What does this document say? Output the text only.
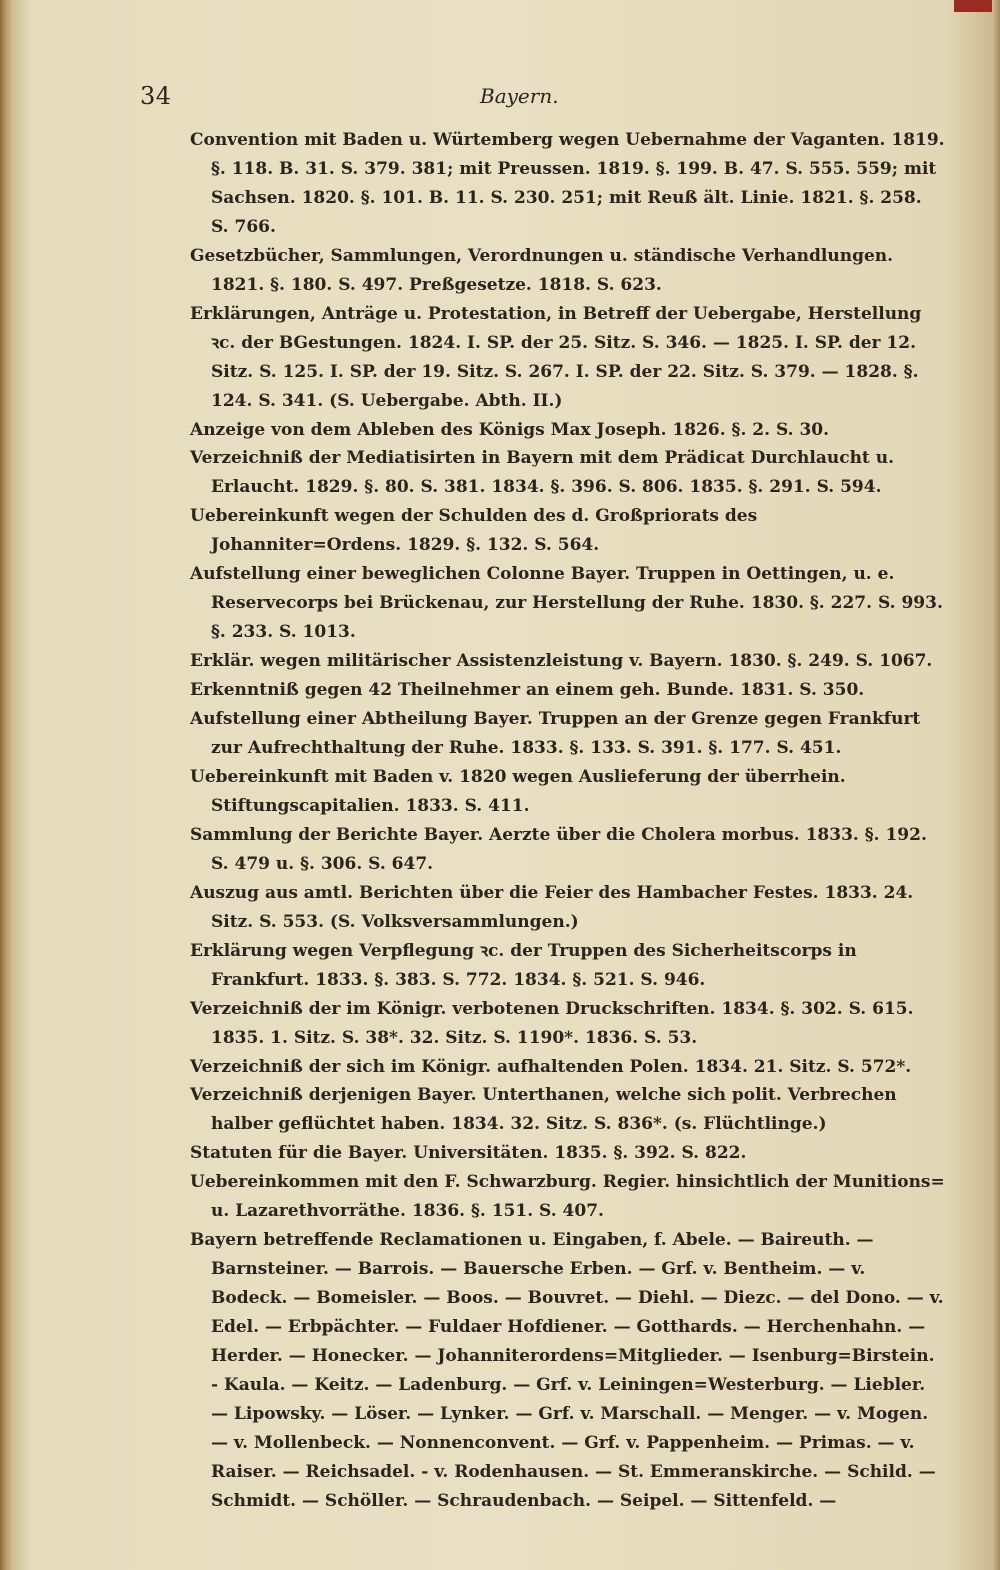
34	Bayern.

Convention mit Baden u. Würtemberg wegen Uebernahme der Vaganten. 1819. §. 118. B. 31. S. 379. 381; mit Preussen. 1819. §. 199. B. 47. S. 555. 559; mit Sachsen. 1820. §. 101. B. 11. S. 230. 251; mit Reuß ält. Linie. 1821. §. 258. S. 766.

Gesetzbücher, Sammlungen, Verordnungen u. ständische Verhandlungen. 1821. §. 180. S. 497. Preßgesetze. 1818. S. 623.

Erklärungen, Anträge u. Protestation, in Betreff der Uebergabe, Herstellung ꝛc. der BGestungen. 1824. I. SP. der 25. Sitz. S. 346. — 1825. I. SP. der 12. Sitz. S. 125. I. SP. der 19. Sitz. S. 267. I. SP. der 22. Sitz. S. 379. — 1828. §. 124. S. 341. (S. Uebergabe. Abth. II.)

Anzeige von dem Ableben des Königs Max Joseph. 1826. §. 2. S. 30.

Verzeichniß der Mediatisirten in Bayern mit dem Prädicat Durchlaucht u. Erlaucht. 1829. §. 80. S. 381. 1834. §. 396. S. 806. 1835. §. 291. S. 594.

Uebereinkunft wegen der Schulden des d. Großpriorats des Johanniter=Ordens. 1829. §. 132. S. 564.

Aufstellung einer beweglichen Colonne Bayer. Truppen in Oettingen, u. e. Reservecorps bei Brückenau, zur Herstellung der Ruhe. 1830. §. 227. S. 993. §. 233. S. 1013.

Erklär. wegen militärischer Assistenzleistung v. Bayern. 1830. §. 249. S. 1067.

Erkenntniß gegen 42 Theilnehmer an einem geh. Bunde. 1831. S. 350.

Aufstellung einer Abtheilung Bayer. Truppen an der Grenze gegen Frankfurt zur Aufrechthaltung der Ruhe. 1833. §. 133. S. 391. §. 177. S. 451.

Uebereinkunft mit Baden v. 1820 wegen Auslieferung der überrhein. Stiftungscapitalien. 1833. S. 411.

Sammlung der Berichte Bayer. Aerzte über die Cholera morbus. 1833. §. 192. S. 479 u. §. 306. S. 647.

Auszug aus amtl. Berichten über die Feier des Hambacher Festes. 1833. 24. Sitz. S. 553. (S. Volksversammlungen.)

Erklärung wegen Verpflegung ꝛc. der Truppen des Sicherheitscorps in Frankfurt. 1833. §. 383. S. 772. 1834. §. 521. S. 946.

Verzeichniß der im Königr. verbotenen Druckschriften. 1834. §. 302. S. 615. 1835. 1. Sitz. S. 38*. 32. Sitz. S. 1190*. 1836. S. 53.

Verzeichniß der sich im Königr. aufhaltenden Polen. 1834. 21. Sitz. S. 572*.

Verzeichniß derjenigen Bayer. Unterthanen, welche sich polit. Verbrechen halber geflüchtet haben. 1834. 32. Sitz. S. 836*. (s. Flüchtlinge.)

Statuten für die Bayer. Universitäten. 1835. §. 392. S. 822.

Uebereinkommen mit den F. Schwarzburg. Regier. hinsichtlich der Munitions= u. Lazarethvorräthe. 1836. §. 151. S. 407.

Bayern betreffende Reclamationen u. Eingaben, f. Abele. — Baireuth. — Barnsteiner. — Barrois. — Bauersche Erben. — Grf. v. Bentheim. — v. Bodeck. — Bomeisler. — Boos. — Bouvret. — Diehl. — Diezc. — del Dono. — v. Edel. — Erbpächter. — Fuldaer Hofdiener. — Gotthards. — Herchenhahn. — Herder. — Honecker. — Johanniterordens=Mitglieder. — Isenburg=Birstein. - Kaula. — Keitz. — Ladenburg. — Grf. v. Leiningen=Westerburg. — Liebler. — Lipowsky. — Löser. — Lynker. — Grf. v. Marschall. — Menger. — v. Mogen. — v. Mollenbeck. — Nonnenconvent. — Grf. v. Pappenheim. — Primas. — v. Raiser. — Reichsadel. - v. Rodenhausen. — St. Emmeranskirche. — Schild. — Schmidt. — Schöller. — Schraudenbach. — Seipel. — Sittenfeld. —
